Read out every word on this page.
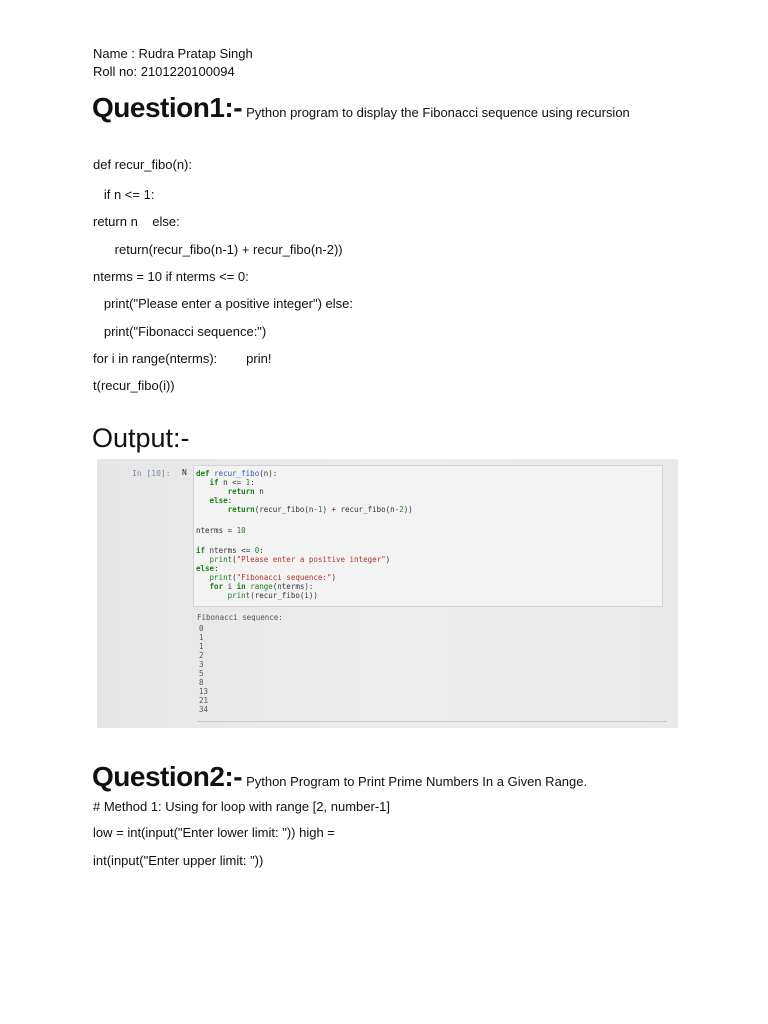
Name : Rudra Pratap Singh
Roll no: 2101220100094
Question1:- Python program to display the Fibonacci sequence using recursion
def recur_fibo(n):
if n <= 1:
return n    else:
return(recur_fibo(n-1) + recur_fibo(n-2))
nterms = 10 if nterms <= 0:
print("Please enter a positive integer") else:
print("Fibonacci sequence:")
for i in range(nterms):        prin!
t(recur_fibo(i))
Output:-
In [10]: N def recur_fibo(n):
if n <= 1:
return n
else:
return(recur_fibo(n-1) + recur_fibo(n-2))
nterms = 10
if nterms <= 0:
print("Please enter a positive integer")
else:
print("Fibonacci sequence:")
for i in range(nterms):
print(recur_fibo(i))
Fibonacci sequence:
0
1
1
2
3
5
8
13
21
34
Question2:- Python Program to Print Prime Numbers In a Given Range.
# Method 1: Using for loop with range [2, number-1]
low = int(input("Enter lower limit: ")) high =
int(input("Enter upper limit: "))
